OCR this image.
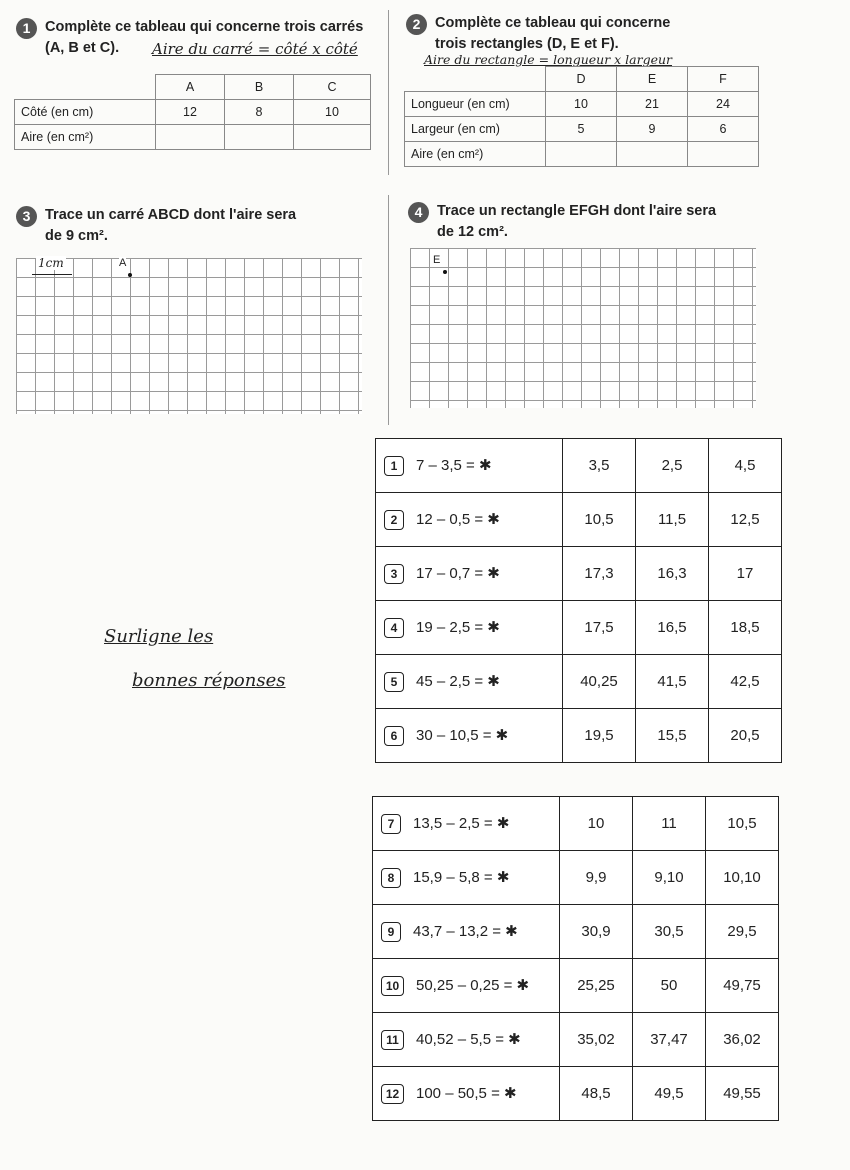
1 Complète ce tableau qui concerne trois carrés
(A, B et C).	Aire du carré = côté x côté
	A	B	C
Côté (en cm)	12	8	10
Aire (en cm²)			
2 Complète ce tableau qui concerne
trois rectangles (D, E et F).
Aire du rectangle = longueur x largeur
	D	E	F
Longueur (en cm)	10	21	24
Largeur (en cm)	5	9	6
Aire (en cm²)			
3 Trace un carré ABCD dont l'aire sera
de 9 cm².
1cm	A
4 Trace un rectangle EFGH dont l'aire sera
de 12 cm².
E
Surligne les
bonnes réponses
1 7 – 3,5 = ✱	3,5	2,5	4,5
2 12 – 0,5 = ✱	10,5	11,5	12,5
3 17 – 0,7 = ✱	17,3	16,3	17
4 19 – 2,5 = ✱	17,5	16,5	18,5
5 45 – 2,5 = ✱	40,25	41,5	42,5
6 30 – 10,5 = ✱	19,5	15,5	20,5
7 13,5 – 2,5 = ✱	10	11	10,5
8 15,9 – 5,8 = ✱	9,9	9,10	10,10
9 43,7 – 13,2 = ✱	30,9	30,5	29,5
10 50,25 – 0,25 = ✱	25,25	50	49,75
11 40,52 – 5,5 = ✱	35,02	37,47	36,02
12 100 – 50,5 = ✱	48,5	49,5	49,55
